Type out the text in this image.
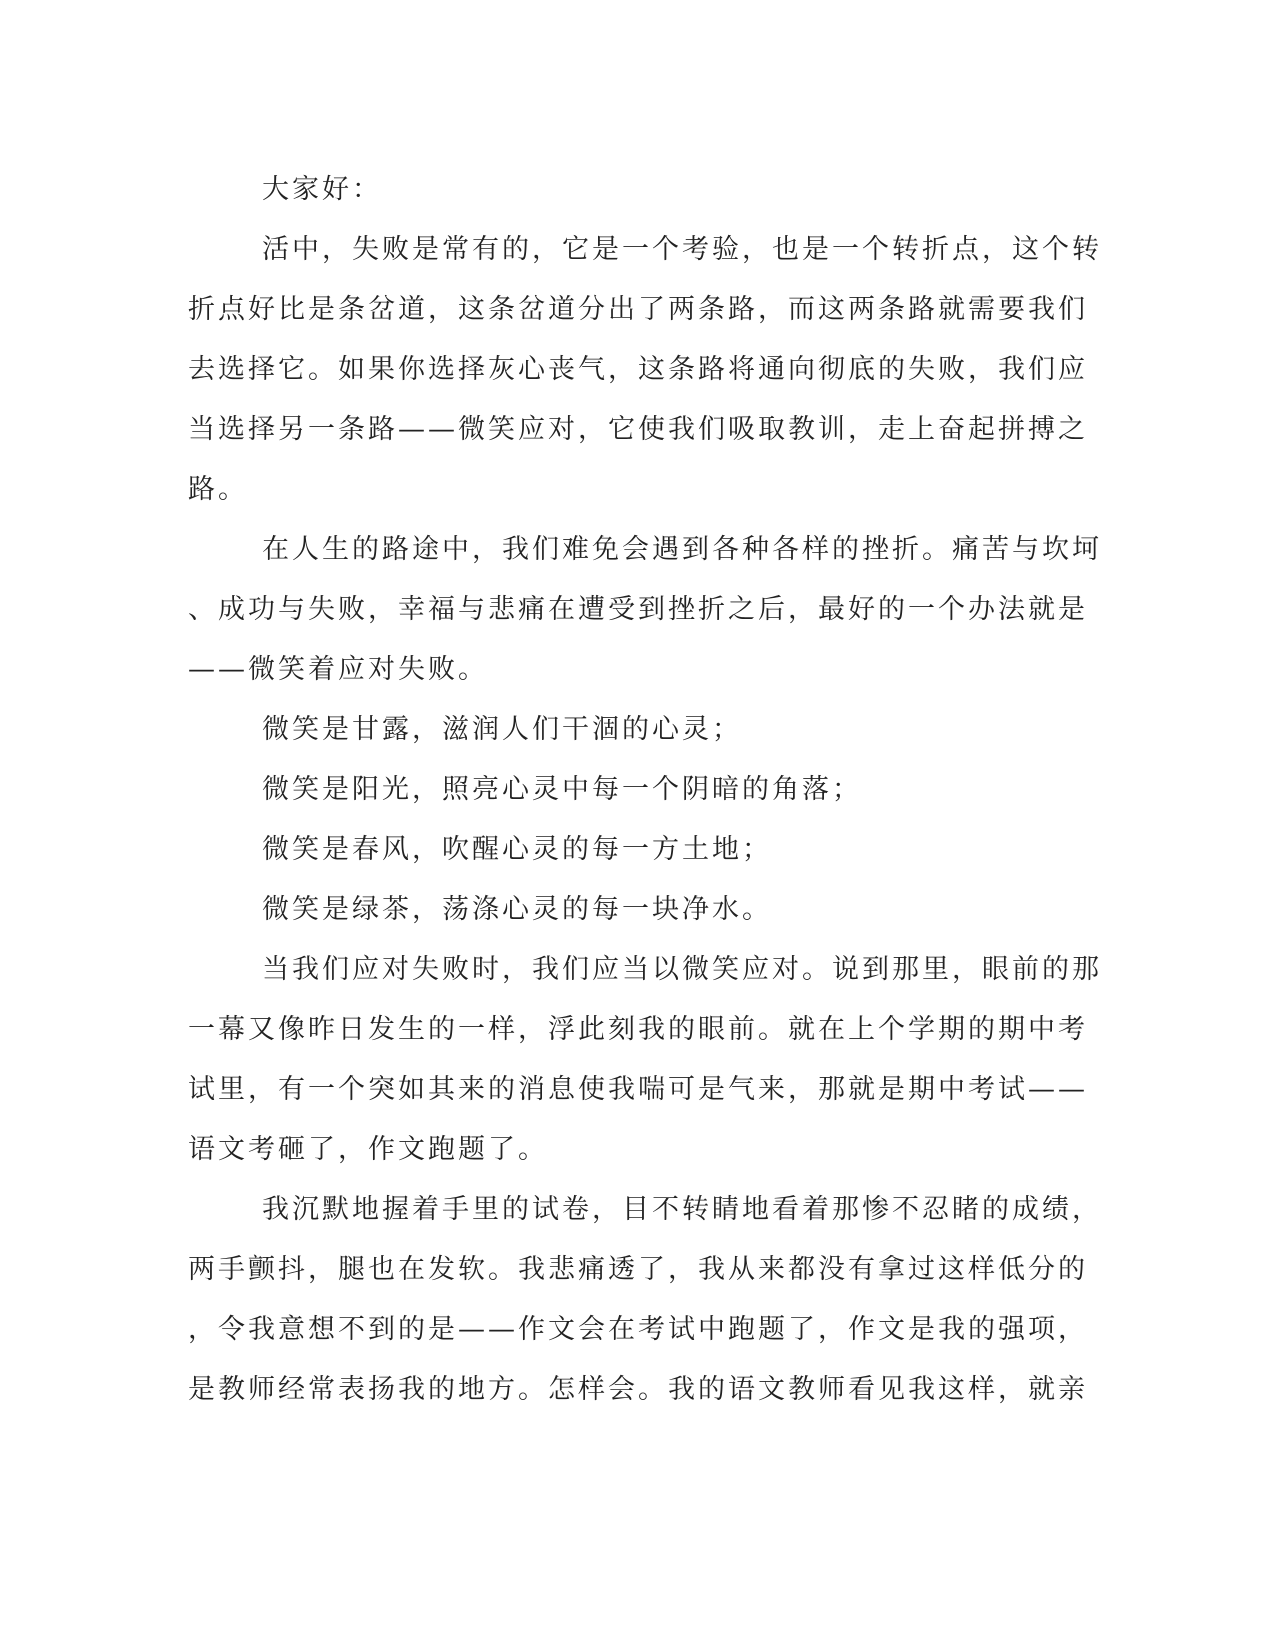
大家好：

活中，失败是常有的，它是一个考验，也是一个转折点，这个转
折点好比是条岔道，这条岔道分出了两条路，而这两条路就需要我们
去选择它。如果你选择灰心丧气，这条路将通向彻底的失败，我们应
当选择另一条路——微笑应对，它使我们吸取教训，走上奋起拼搏之
路。

在人生的路途中，我们难免会遇到各种各样的挫折。痛苦与坎坷
、成功与失败，幸福与悲痛在遭受到挫折之后，最好的一个办法就是
——微笑着应对失败。

微笑是甘露，滋润人们干涸的心灵；

微笑是阳光，照亮心灵中每一个阴暗的角落；

微笑是春风，吹醒心灵的每一方土地；

微笑是绿茶，荡涤心灵的每一块净水。

当我们应对失败时，我们应当以微笑应对。说到那里，眼前的那
一幕又像昨日发生的一样，浮此刻我的眼前。就在上个学期的期中考
试里，有一个突如其来的消息使我喘可是气来，那就是期中考试——
语文考砸了，作文跑题了。

我沉默地握着手里的试卷，目不转睛地看着那惨不忍睹的成绩，
两手颤抖，腿也在发软。我悲痛透了，我从来都没有拿过这样低分的
，令我意想不到的是——作文会在考试中跑题了，作文是我的强项，
是教师经常表扬我的地方。怎样会。我的语文教师看见我这样，就亲
